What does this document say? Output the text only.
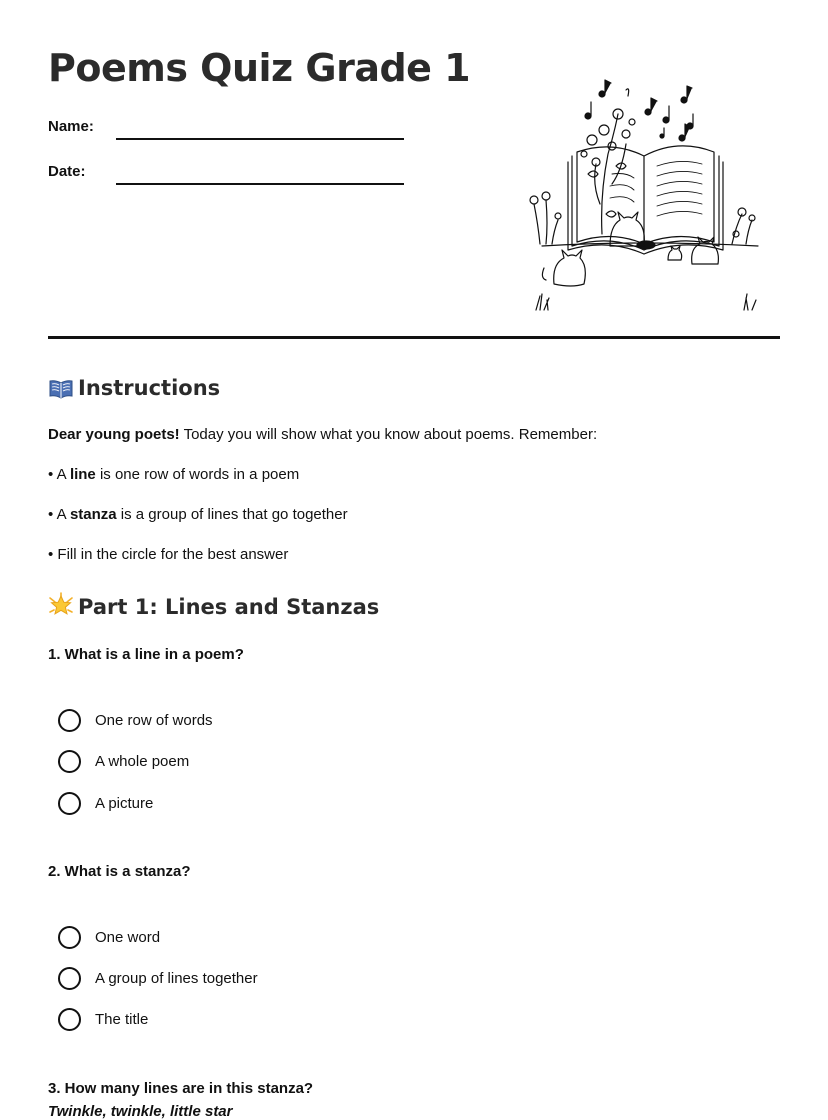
Poems Quiz Grade 1
Name:
Date:
Instructions
Dear young poets! Today you will show what you know about poems. Remember:
• A line is one row of words in a poem
• A stanza is a group of lines that go together
• Fill in the circle for the best answer
Part 1: Lines and Stanzas
1. What is a line in a poem?
One row of words
A whole poem
A picture
2. What is a stanza?
One word
A group of lines together
The title
3. How many lines are in this stanza?
Twinkle, twinkle, little star
